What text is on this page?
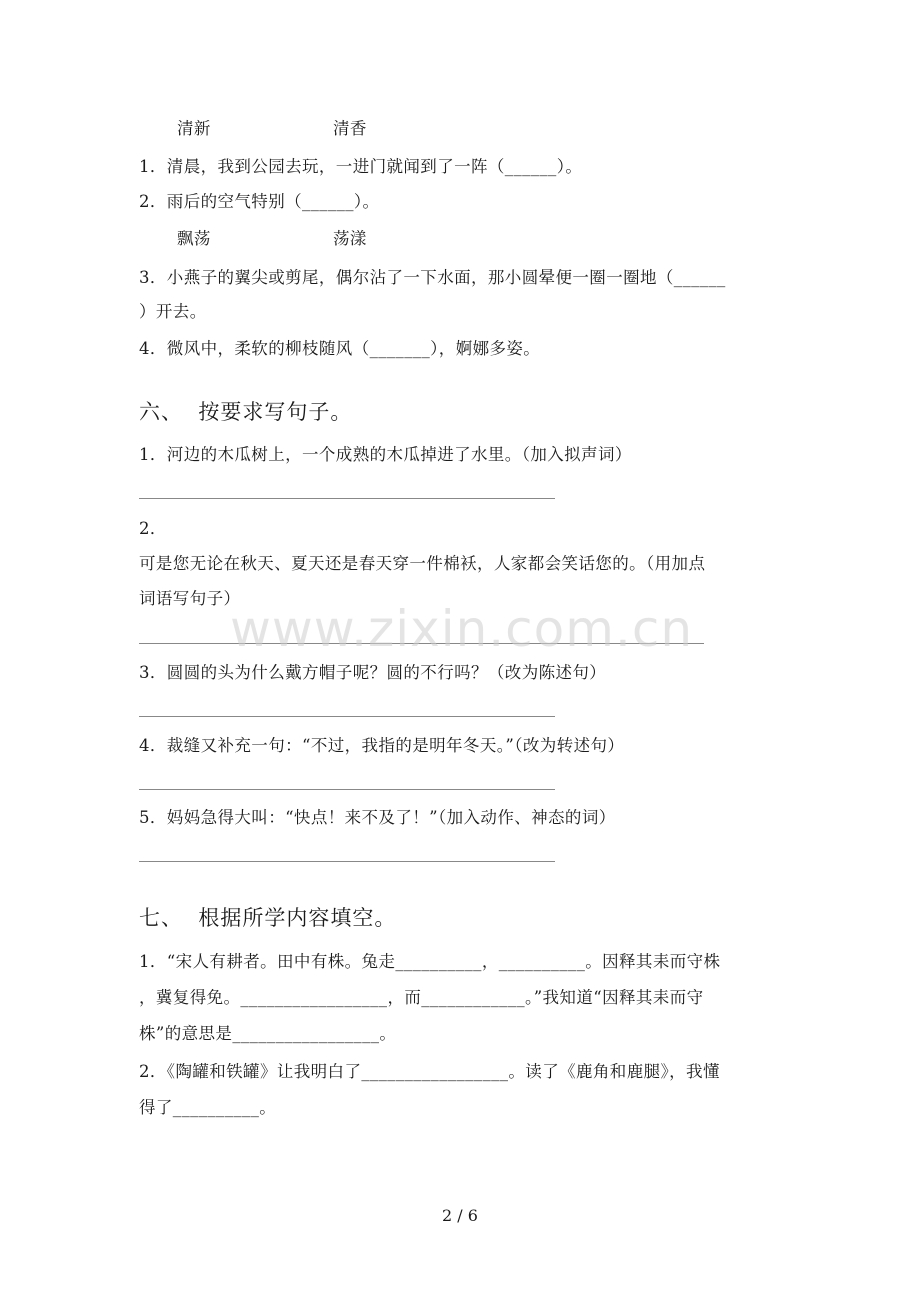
清新	清香
1．清晨，我到公园去玩，一进门就闻到了一阵（______）。
2．雨后的空气特别（______）。
飘荡	荡漾
3．小燕子的翼尖或剪尾，偶尔沾了一下水面，那小圆晕便一圈一圈地（______
）开去。
4．微风中，柔软的柳枝随风（_______），婀娜多姿。
六、  按要求写句子。
1．河边的木瓜树上，一个成熟的木瓜掉进了水里。（加入拟声词）
2．
可是您无论在秋天、夏天还是春天穿一件棉袄，人家都会笑话您的。（用加点
词语写句子）
3．圆圆的头为什么戴方帽子呢？圆的不行吗？（改为陈述句）
4．裁缝又补充一句：“不过，我指的是明年冬天。”（改为转述句）
5．妈妈急得大叫：“快点！来不及了！”（加入动作、神态的词）
七、  根据所学内容填空。
1．“宋人有耕者。田中有株。兔走__________，__________。因释其耒而守株
，冀复得免。_________________，而____________。”我知道“因释其耒而守
株”的意思是_________________。
2．《陶罐和铁罐》让我明白了_________________。读了《鹿角和鹿腿》，我懂
得了__________。
www.zixin.com.cn
2 / 6
